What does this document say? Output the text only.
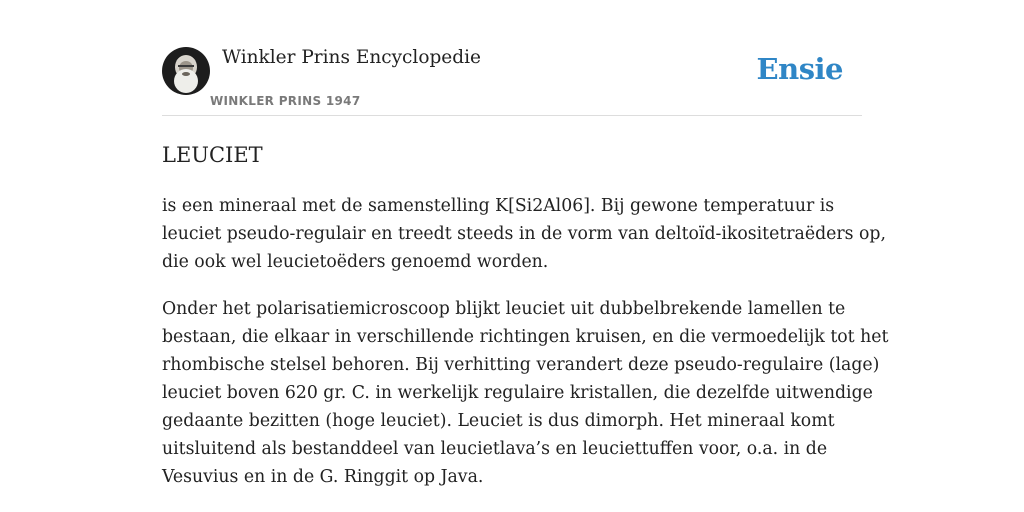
Winkler Prins Encyclopedie
WINKLER PRINS 1947
Ensie
LEUCIET

is een mineraal met de samenstelling K[Si2Al06]. Bij gewone temperatuur is
leuciet pseudo-regulair en treedt steeds in de vorm van deltoïd-ikositetraëders op,
die ook wel leucietoëders genoemd worden.

Onder het polarisatiemicroscoop blijkt leuciet uit dubbelbrekende lamellen te
bestaan, die elkaar in verschillende richtingen kruisen, en die vermoedelijk tot het
rhombische stelsel behoren. Bij verhitting verandert deze pseudo-regulaire (lage)
leuciet boven 620 gr. C. in werkelijk regulaire kristallen, die dezelfde uitwendige
gedaante bezitten (hoge leuciet). Leuciet is dus dimorph. Het mineraal komt
uitsluitend als bestanddeel van leucietlava’s en leuciettuffen voor, o.a. in de
Vesuvius en in de G. Ringgit op Java.
